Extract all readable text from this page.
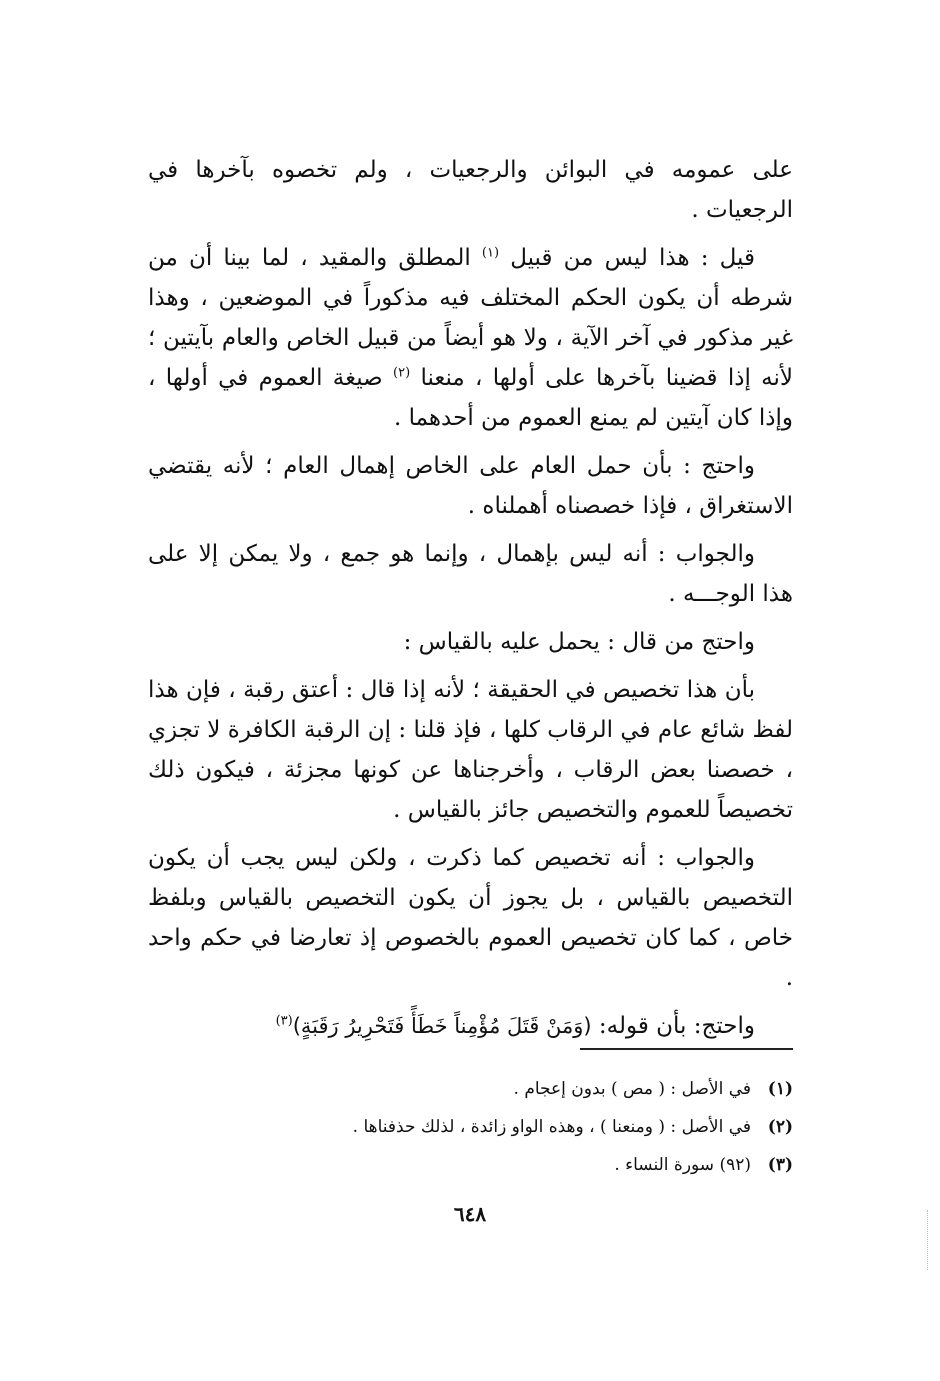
على عمومه في البوائن والرجعيات ، ولم تخصوه بآخرها في الرجعيات .

قيل : هذا ليس من قبيل $^{(١)}$ المطلق والمقيد ، لما بينا أن من شرطه أن يكون الحكم المختلف فيه مذكوراً في الموضعين ، وهذا غير مذكور في آخر الآية ، ولا هو أيضاً من قبيل الخاص والعام بآيتين ؛ لأنه إذا قضينا بآخرها على أولها ، منعنا $^{(٢)}$ صيغة العموم في أولها ، وإذا كان آيتين لم يمنع العموم من أحدهما .

واحتج : بأن حمل العام على الخاص إهمال العام ؛ لأنه يقتضي الاستغراق ، فإذا خصصناه أهملناه .

والجواب : أنه ليس بإهمال ، وإنما هو جمع ، ولا يمكن إلا على هذا الوجـــه .

واحتج من قال : يحمل عليه بالقياس :

بأن هذا تخصيص في الحقيقة ؛ لأنه إذا قال : أعتق رقبة ، فإن هذا لفظ شائع عام في الرقاب كلها ، فإذ قلنا : إن الرقبة الكافرة لا تجزي ، خصصنا بعض الرقاب ، وأخرجناها عن كونها مجزئة ، فيكون ذلك تخصيصاً للعموم والتخصيص جائز بالقياس .

والجواب : أنه تخصيص كما ذكرت ، ولكن ليس يجب أن يكون التخصيص بالقياس ، بل يجوز أن يكون التخصيص بالقياس وبلفظ خاص ، كما كان تخصيص العموم بالخصوص إذ تعارضا في حكم واحد .

واحتج: بأن قوله: (وَمَنْ قَتَلَ مُؤْمِناً خَطَأً فَتَحْرِيرُ رَقَبَةٍ)$^{(٣)}$

(١)في الأصل : ( مص ) بدون إعجام .
(٢)في الأصل : ( ومنعنا ) ، وهذه الواو زائدة ، لذلك حذفناها .
(٣)(٩٢) سورة النساء .
٦٤٨
